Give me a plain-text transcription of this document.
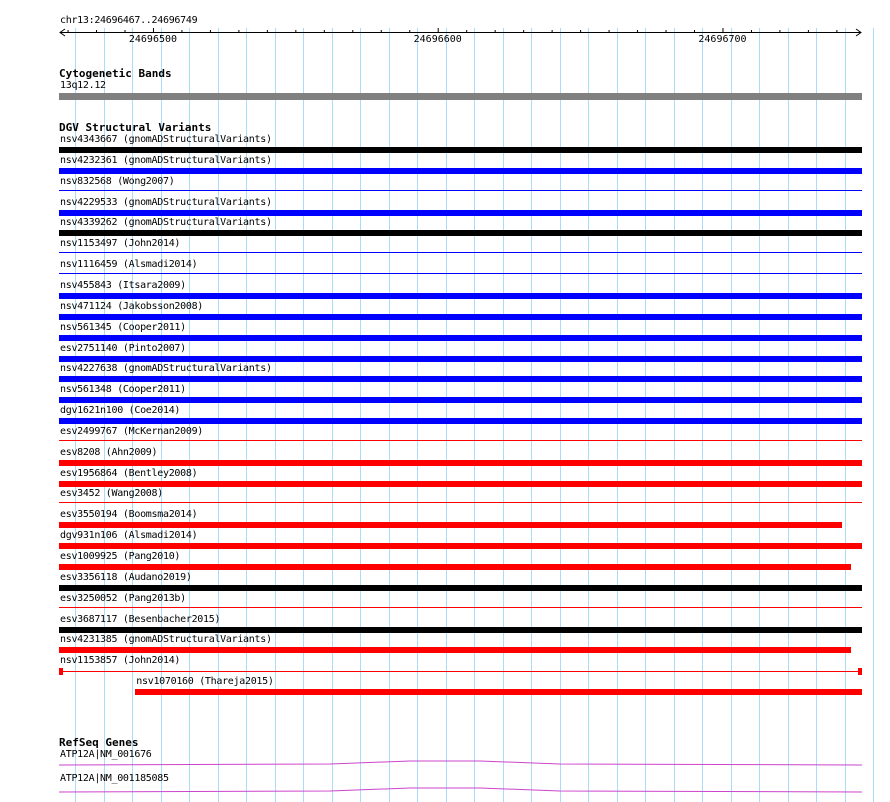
chr13:24696467..24696749
24696500	24696600	24696700
Cytogenetic Bands
13q12.12
DGV Structural Variants
nsv4343667 (gnomADStructuralVariants)
nsv4232361 (gnomADStructuralVariants)
nsv832568 (Wong2007)
nsv4229533 (gnomADStructuralVariants)
nsv4339262 (gnomADStructuralVariants)
nsv1153497 (John2014)
nsv1116459 (Alsmadi2014)
nsv455843 (Itsara2009)
nsv471124 (Jakobsson2008)
nsv561345 (Cooper2011)
esv2751140 (Pinto2007)
nsv4227638 (gnomADStructuralVariants)
nsv561348 (Cooper2011)
dgv1621n100 (Coe2014)
esv2499767 (McKernan2009)
esv8208 (Ahn2009)
esv1956864 (Bentley2008)
esv3452 (Wang2008)
esv3550194 (Boomsma2014)
dgv931n106 (Alsmadi2014)
esv1009925 (Pang2010)
esv3356118 (Audano2019)
esv3250052 (Pang2013b)
esv3687117 (Besenbacher2015)
nsv4231385 (gnomADStructuralVariants)
nsv1153857 (John2014)
nsv1070160 (Thareja2015)
RefSeq Genes
ATP12A|NM_001676
ATP12A|NM_001185085
